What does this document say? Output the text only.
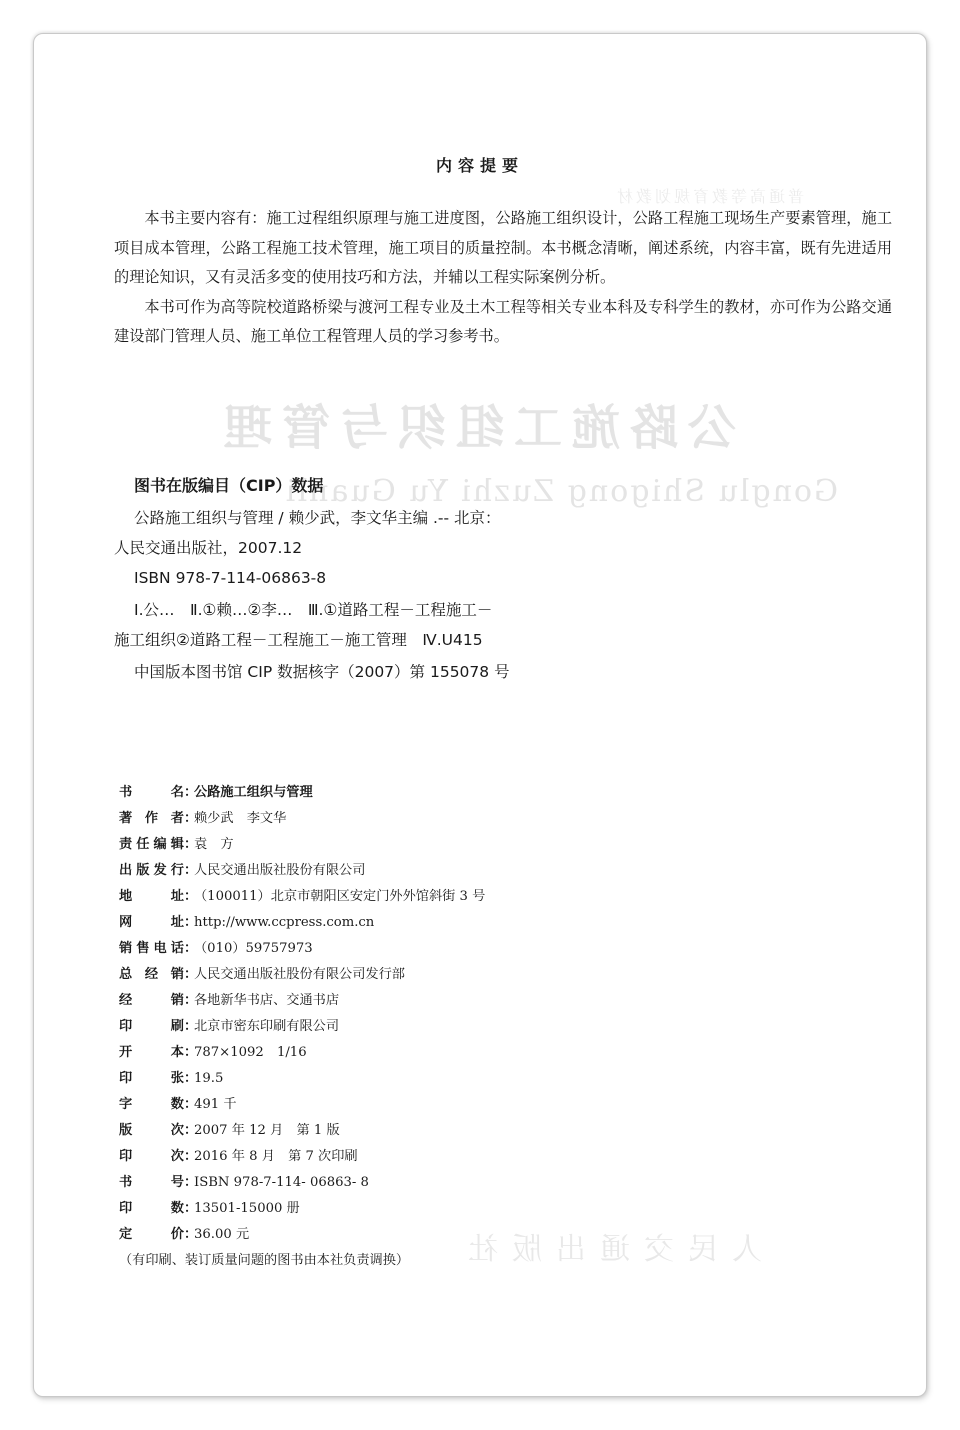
普通高等教育规划教材
公路施工组织与管理
Gonglu Shigong Zuzhi Yu Guanli
人民交通出版社
内容提要

本书主要内容有：施工过程组织原理与施工进度图，公路施工组织设计，公路工程施工现场生产要素管理，施工项目成本管理，公路工程施工技术管理，施工项目的质量控制。本书概念清晰，阐述系统，内容丰富，既有先进适用的理论知识，又有灵活多变的使用技巧和方法，并辅以工程实际案例分析。

本书可作为高等院校道路桥梁与渡河工程专业及土木工程等相关专业本科及专科学生的教材，亦可作为公路交通建设部门管理人员、施工单位工程管理人员的学习参考书。

图书在版编目（CIP）数据
公路施工组织与管理 / 赖少武，李文华主编 .-- 北京：
人民交通出版社，2007.12
ISBN 978-7-114-06863-8
Ⅰ.公…　Ⅱ.①赖…②李…　Ⅲ.①道路工程－工程施工－
施工组织②道路工程－工程施工－施工管理　Ⅳ.U415
中国版本图书馆 CIP 数据核字（2007）第 155078 号
书名 ：
公路施工组织与管理
著作者 ：
赖少武　李文华
责任编辑 ：
袁　方
出版发行 ：
人民交通出版社股份有限公司
地址 ：
（100011）北京市朝阳区安定门外外馆斜街 3 号
网址 ：
http://www.ccpress.com.cn
销售电话 ：
（010）59757973
总经销 ：
人民交通出版社股份有限公司发行部
经销 ：
各地新华书店、交通书店
印刷 ：
北京市密东印刷有限公司
开本 ：
787×1092　1/16
印张 ：
19.5
字数 ：
491 千
版次 ：
2007 年 12 月　第 1 版
印次 ：
2016 年 8 月　第 7 次印刷
书号 ：
ISBN 978-7-114- 06863- 8
印数 ：
13501-15000 册
定价 ：
36.00 元
（有印刷、装订质量问题的图书由本社负责调换）
